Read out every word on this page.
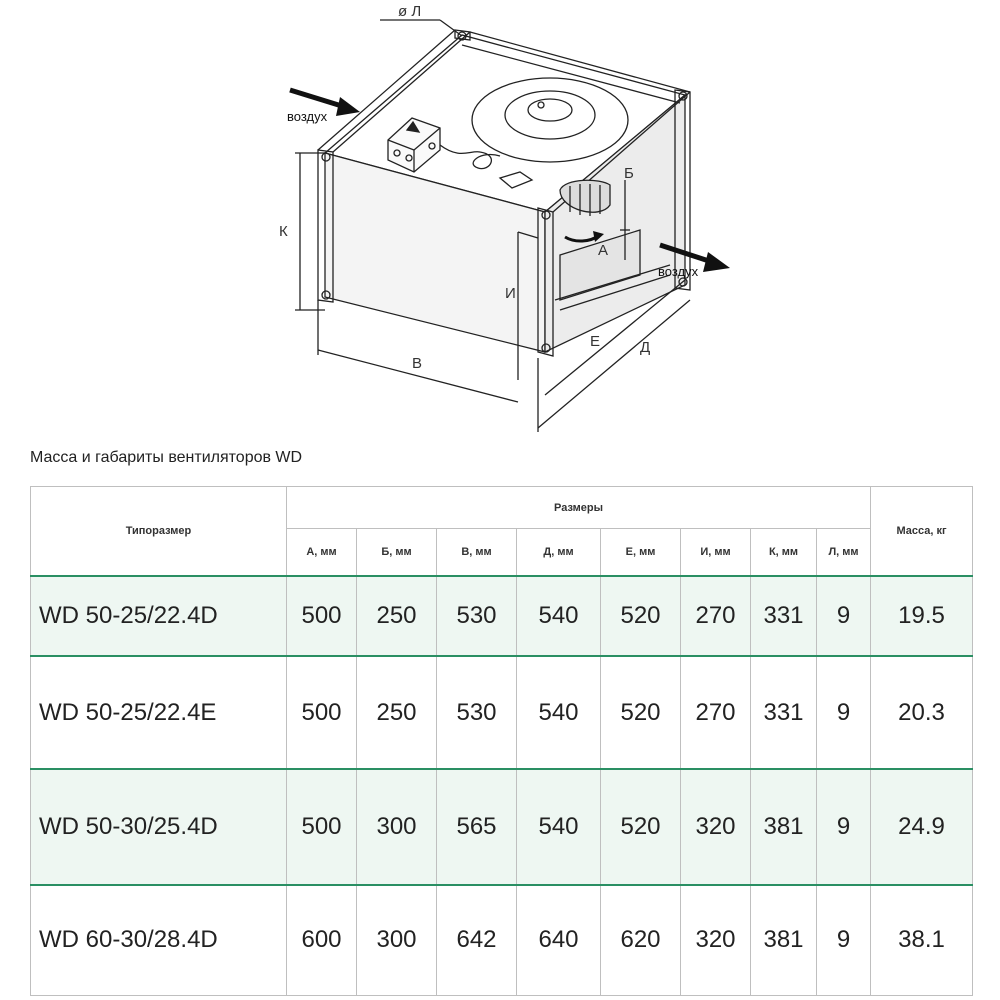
ø Л
воздух
воздух
К
В
И
А
Б
Е	Д
Масса и габариты вентиляторов WD
Типоразмер	Размеры								Масса, кг
	А, мм	Б, мм	В, мм	Д, мм	Е, мм	И, мм	К, мм	Л, мм	
WD 50-25/22.4D	500	250	530	540	520	270	331	9	19.5
WD 50-25/22.4E	500	250	530	540	520	270	331	9	20.3
WD 50-30/25.4D	500	300	565	540	520	320	381	9	24.9
WD 60-30/28.4D	600	300	642	640	620	320	381	9	38.1
